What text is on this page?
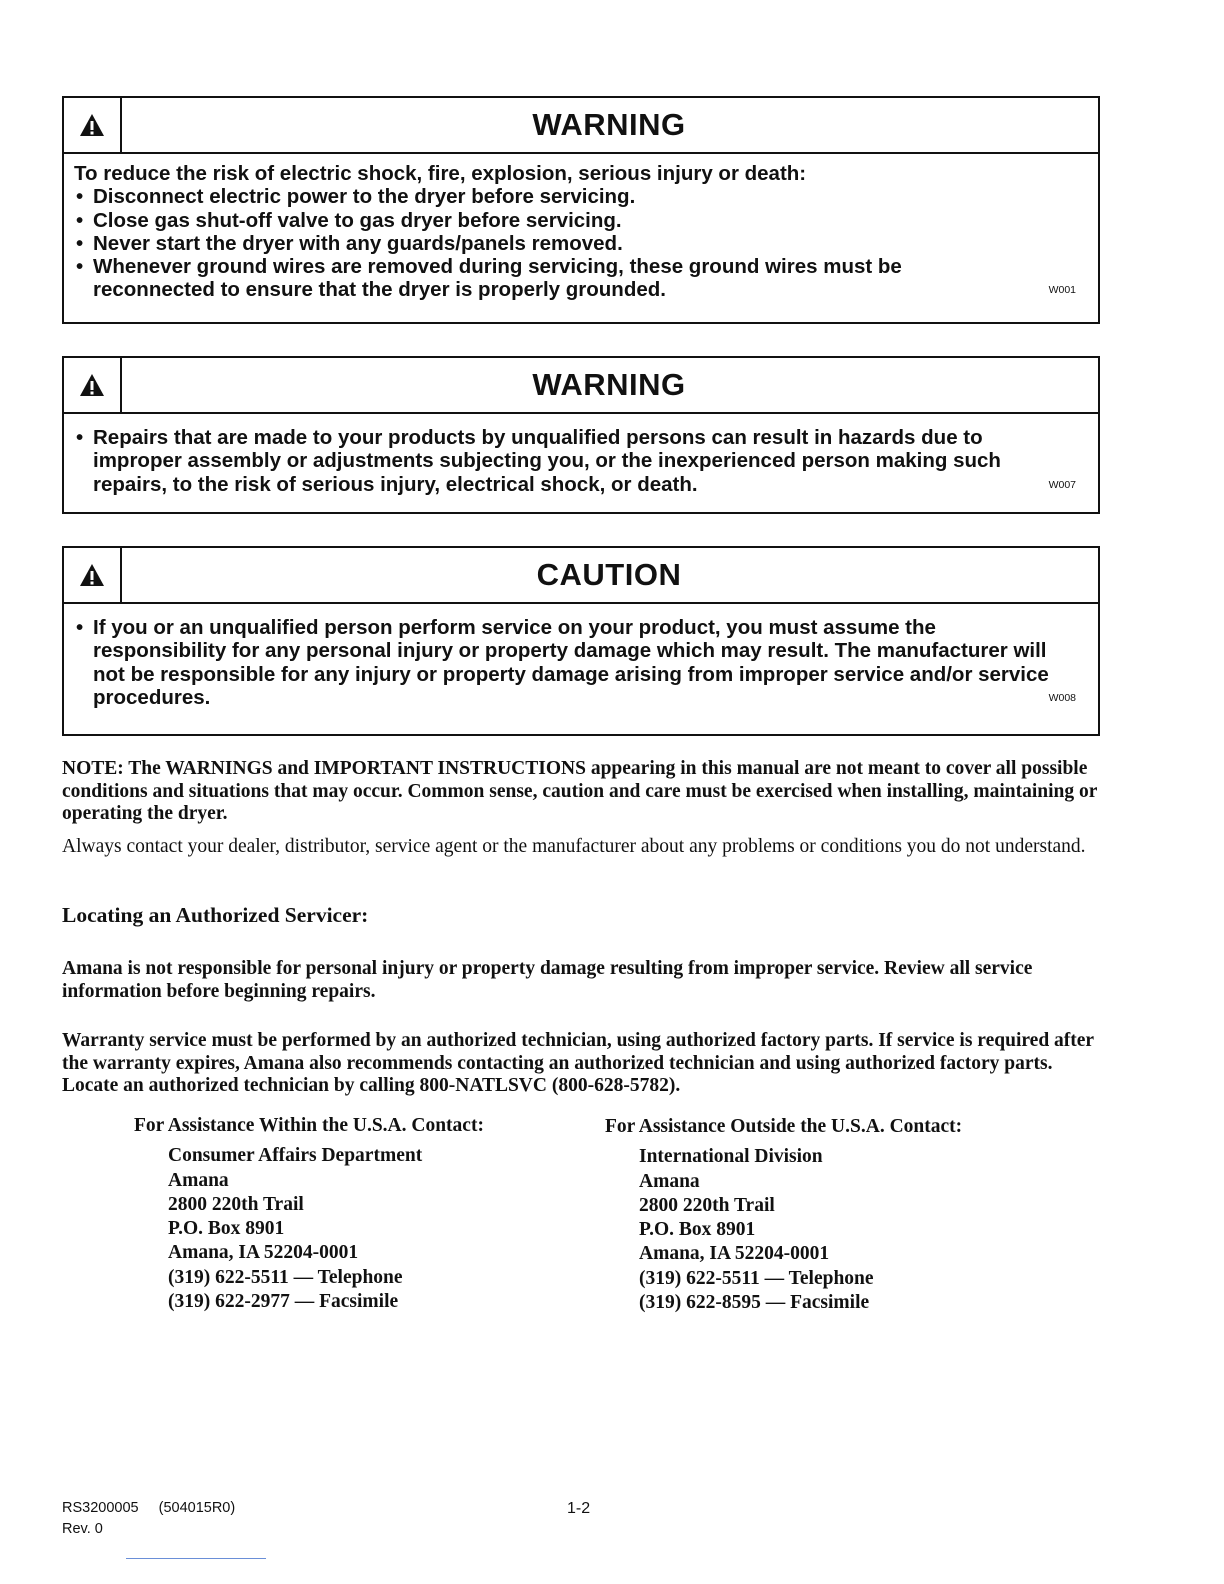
WARNING

To reduce the risk of electric shock, fire, explosion, serious injury or death:

• Disconnect electric power to the dryer before servicing.
• Close gas shut-off valve to gas dryer before servicing.
• Never start the dryer with any guards/panels removed.
• Whenever ground wires are removed during servicing, these ground wires must be reconnected to ensure that the dryer is properly grounded.	W001
WARNING
• Repairs that are made to your products by unqualified persons can result in hazards due to improper assembly or adjustments subjecting you, or the inexperienced person making such repairs, to the risk of serious injury, electrical shock, or death.	W007
CAUTION
• If you or an unqualified person perform service on your product, you must assume the responsibility for any personal injury or property damage which may result. The manufacturer will not be responsible for any injury or property damage arising from improper service and/or service procedures.	W008

NOTE: The WARNINGS and IMPORTANT INSTRUCTIONS appearing in this manual are not meant to cover all possible conditions and situations that may occur. Common sense, caution and care must be exercised when installing, maintaining or operating the dryer.

Always contact your dealer, distributor, service agent or the manufacturer about any problems or conditions you do not understand.

Locating an Authorized Servicer:

Amana is not responsible for personal injury or property damage resulting from improper service. Review all service information before beginning repairs.

Warranty service must be performed by an authorized technician, using authorized factory parts. If service is required after the warranty expires, Amana also recommends contacting an authorized technician and using authorized factory parts. Locate an authorized technician by calling 800-NATLSVC (800-628-5782).

For Assistance Within the U.S.A. Contact:
Consumer Affairs Department
Amana
2800 220th Trail
P.O. Box 8901
Amana, IA 52204-0001
(319) 622-5511 — Telephone
(319) 622-2977 — Facsimile
For Assistance Outside the U.S.A. Contact:
International Division
Amana
2800 220th Trail
P.O. Box 8901
Amana, IA 52204-0001
(319) 622-5511 — Telephone
(319) 622-8595 — Facsimile
RS3200005 (504015R0)
Rev. 0
1-2
